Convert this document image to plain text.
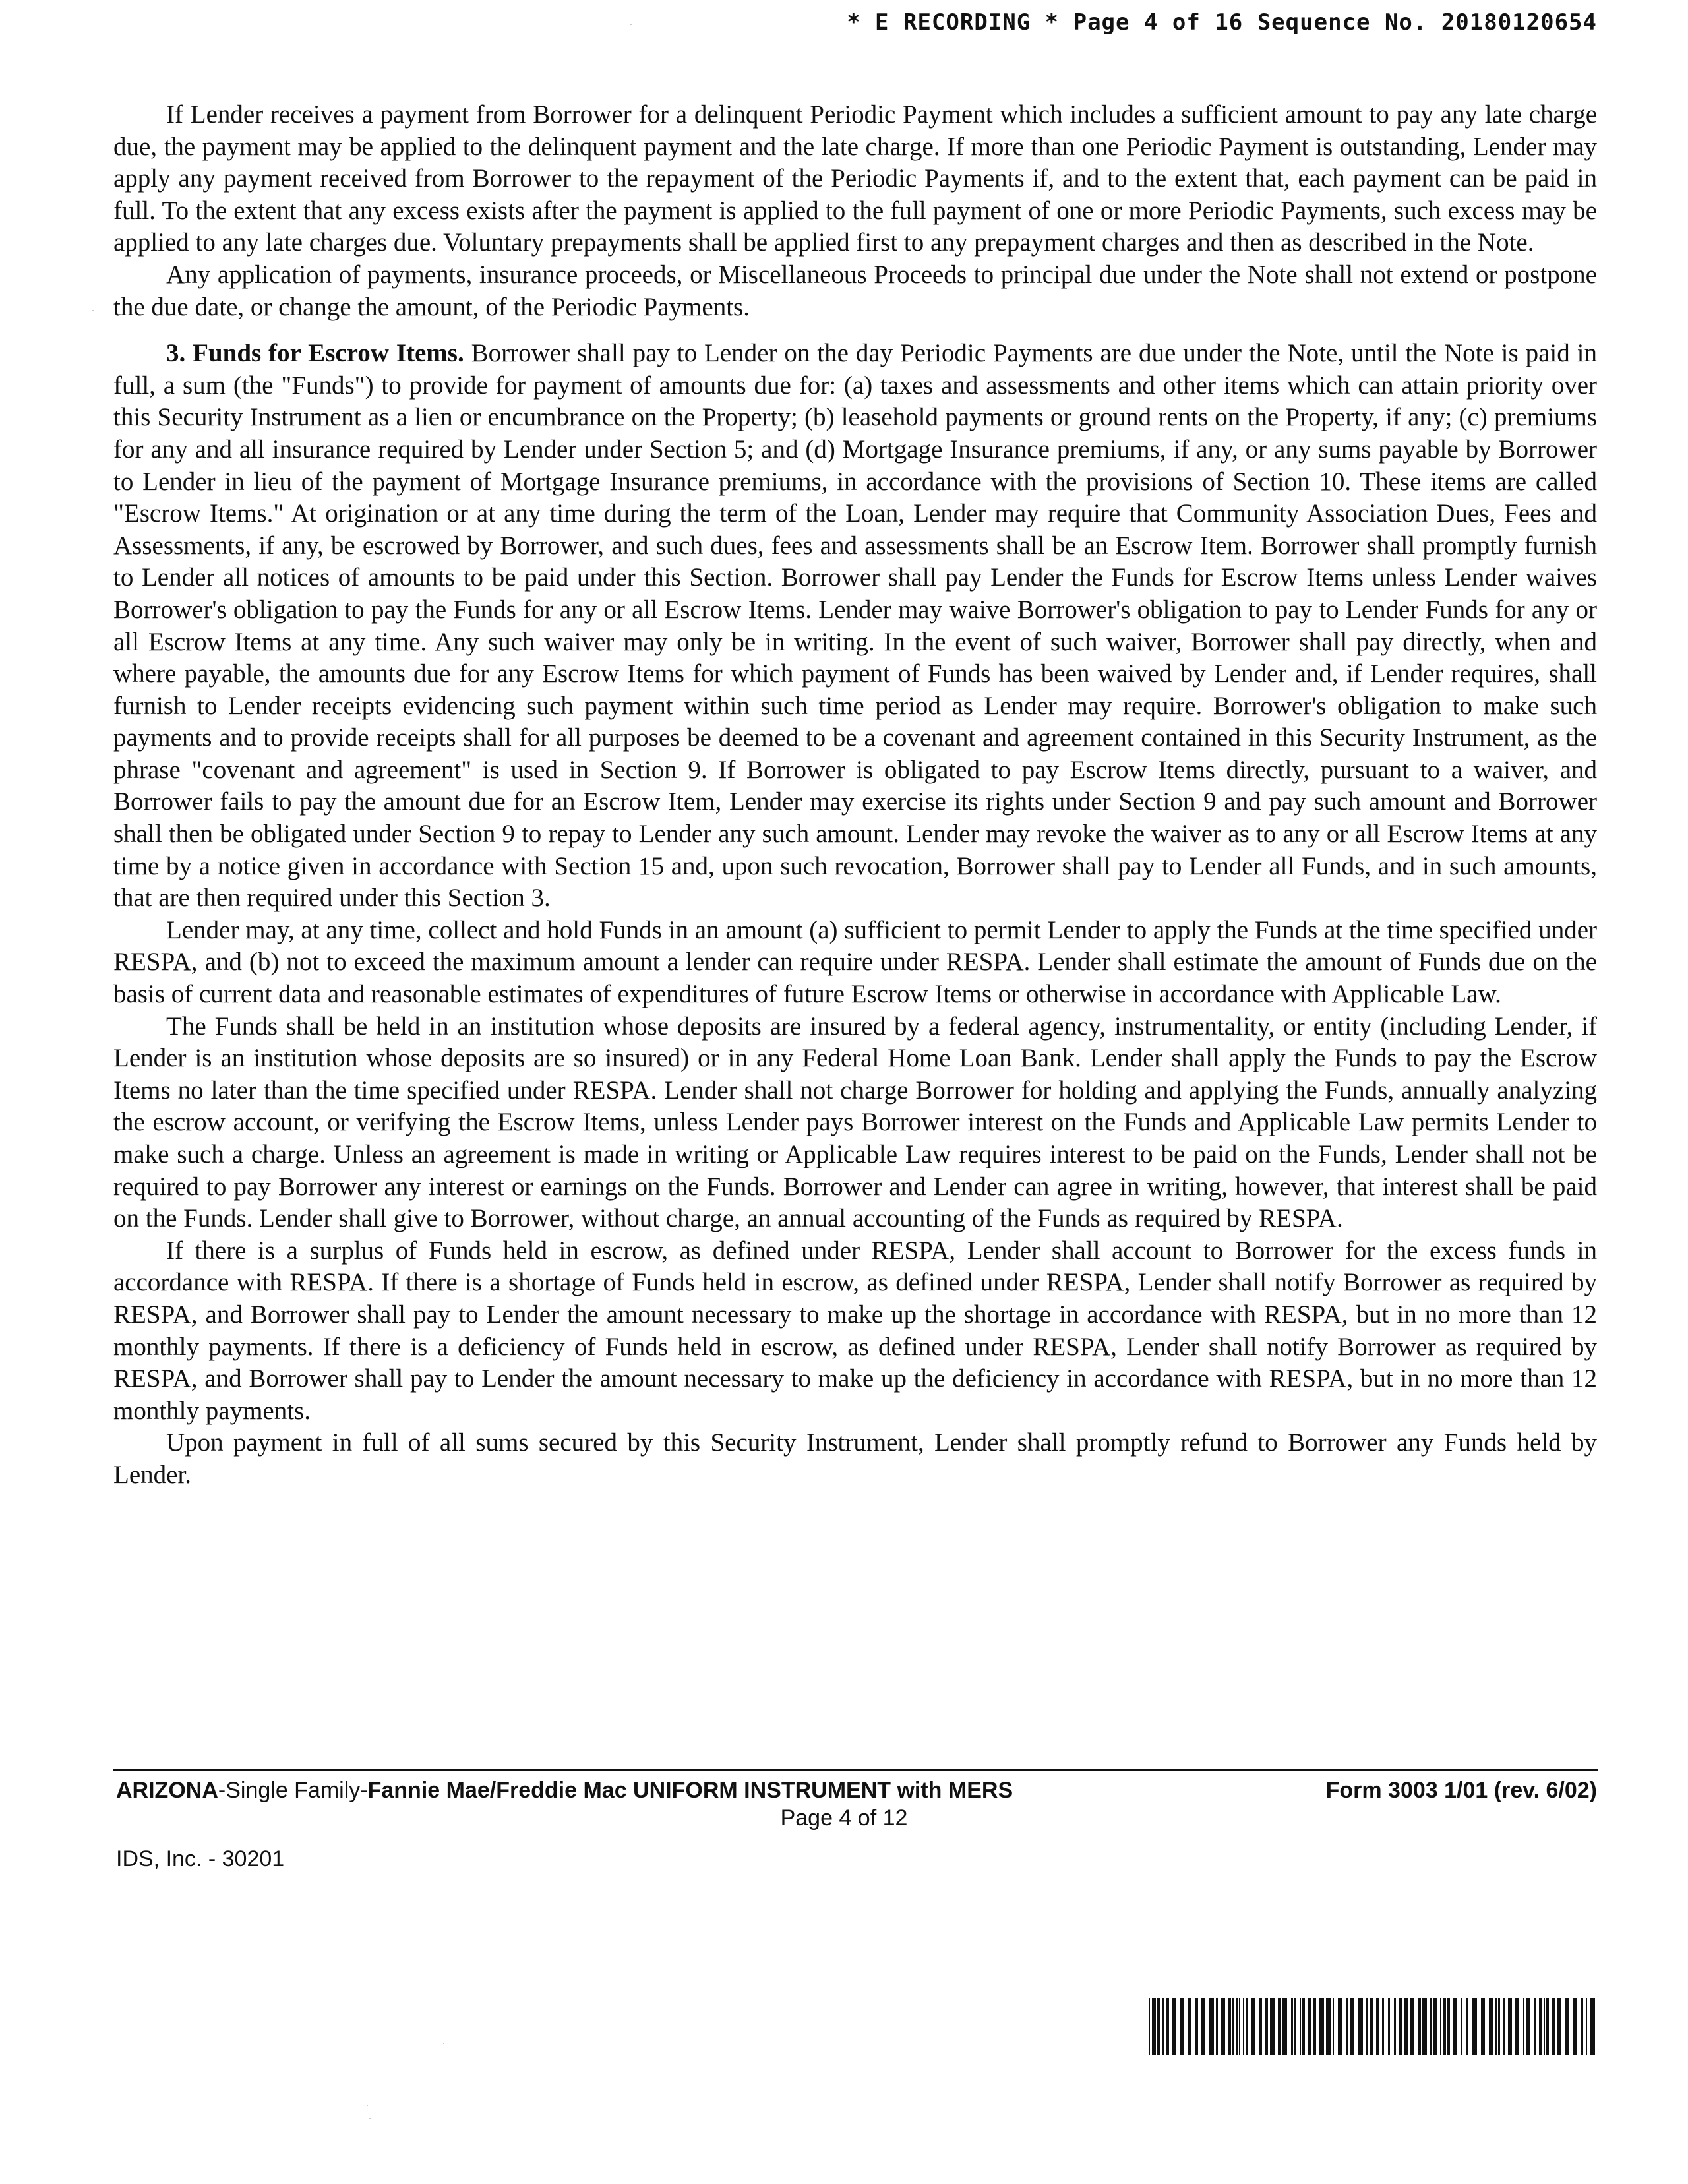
* E RECORDING * Page 4 of 16 Sequence No. 20180120654

If Lender receives a payment from Borrower for a delinquent Periodic Payment which includes a sufficient amount to pay any late charge due, the payment may be applied to the delinquent payment and the late charge. If more than one Periodic Payment is outstanding, Lender may apply any payment received from Borrower to the repayment of the Periodic Payments if, and to the extent that, each payment can be paid in full. To the extent that any excess exists after the payment is applied to the full payment of one or more Periodic Payments, such excess may be applied to any late charges due. Voluntary prepayments shall be applied first to any prepayment charges and then as described in the Note.

Any application of payments, insurance proceeds, or Miscellaneous Proceeds to principal due under the Note shall not extend or postpone the due date, or change the amount, of the Periodic Payments.

3. Funds for Escrow Items. Borrower shall pay to Lender on the day Periodic Payments are due under the Note, until the Note is paid in full, a sum (the "Funds") to provide for payment of amounts due for: (a) taxes and assessments and other items which can attain priority over this Security Instrument as a lien or encumbrance on the Property; (b) leasehold payments or ground rents on the Property, if any; (c) premiums for any and all insurance required by Lender under Section 5; and (d) Mortgage Insurance premiums, if any, or any sums payable by Borrower to Lender in lieu of the payment of Mortgage Insurance premiums, in accordance with the provisions of Section 10. These items are called "Escrow Items." At origination or at any time during the term of the Loan, Lender may require that Community Association Dues, Fees and Assessments, if any, be escrowed by Borrower, and such dues, fees and assessments shall be an Escrow Item. Borrower shall promptly furnish to Lender all notices of amounts to be paid under this Section. Borrower shall pay Lender the Funds for Escrow Items unless Lender waives Borrower's obligation to pay the Funds for any or all Escrow Items. Lender may waive Borrower's obligation to pay to Lender Funds for any or all Escrow Items at any time. Any such waiver may only be in writing. In the event of such waiver, Borrower shall pay directly, when and where payable, the amounts due for any Escrow Items for which payment of Funds has been waived by Lender and, if Lender requires, shall furnish to Lender receipts evidencing such payment within such time period as Lender may require. Borrower's obligation to make such payments and to provide receipts shall for all purposes be deemed to be a covenant and agreement contained in this Security Instrument, as the phrase "covenant and agreement" is used in Section 9. If Borrower is obligated to pay Escrow Items directly, pursuant to a waiver, and Borrower fails to pay the amount due for an Escrow Item, Lender may exercise its rights under Section 9 and pay such amount and Borrower shall then be obligated under Section 9 to repay to Lender any such amount. Lender may revoke the waiver as to any or all Escrow Items at any time by a notice given in accordance with Section 15 and, upon such revocation, Borrower shall pay to Lender all Funds, and in such amounts, that are then required under this Section 3.

Lender may, at any time, collect and hold Funds in an amount (a) sufficient to permit Lender to apply the Funds at the time specified under RESPA, and (b) not to exceed the maximum amount a lender can require under RESPA. Lender shall estimate the amount of Funds due on the basis of current data and reasonable estimates of expenditures of future Escrow Items or otherwise in accordance with Applicable Law.

The Funds shall be held in an institution whose deposits are insured by a federal agency, instrumentality, or entity (including Lender, if Lender is an institution whose deposits are so insured) or in any Federal Home Loan Bank. Lender shall apply the Funds to pay the Escrow Items no later than the time specified under RESPA. Lender shall not charge Borrower for holding and applying the Funds, annually analyzing the escrow account, or verifying the Escrow Items, unless Lender pays Borrower interest on the Funds and Applicable Law permits Lender to make such a charge. Unless an agreement is made in writing or Applicable Law requires interest to be paid on the Funds, Lender shall not be required to pay Borrower any interest or earnings on the Funds. Borrower and Lender can agree in writing, however, that interest shall be paid on the Funds. Lender shall give to Borrower, without charge, an annual accounting of the Funds as required by RESPA.

If there is a surplus of Funds held in escrow, as defined under RESPA, Lender shall account to Borrower for the excess funds in accordance with RESPA. If there is a shortage of Funds held in escrow, as defined under RESPA, Lender shall notify Borrower as required by RESPA, and Borrower shall pay to Lender the amount necessary to make up the shortage in accordance with RESPA, but in no more than 12 monthly payments. If there is a deficiency of Funds held in escrow, as defined under RESPA, Lender shall notify Borrower as required by RESPA, and Borrower shall pay to Lender the amount necessary to make up the deficiency in accordance with RESPA, but in no more than 12 monthly payments.

Upon payment in full of all sums secured by this Security Instrument, Lender shall promptly refund to Borrower any Funds held by Lender.

ARIZONA-Single Family-Fannie Mae/Freddie Mac UNIFORM INSTRUMENT with MERS	Form 3003 1/01 (rev. 6/02)
Page 4 of 12
IDS, Inc. - 30201
